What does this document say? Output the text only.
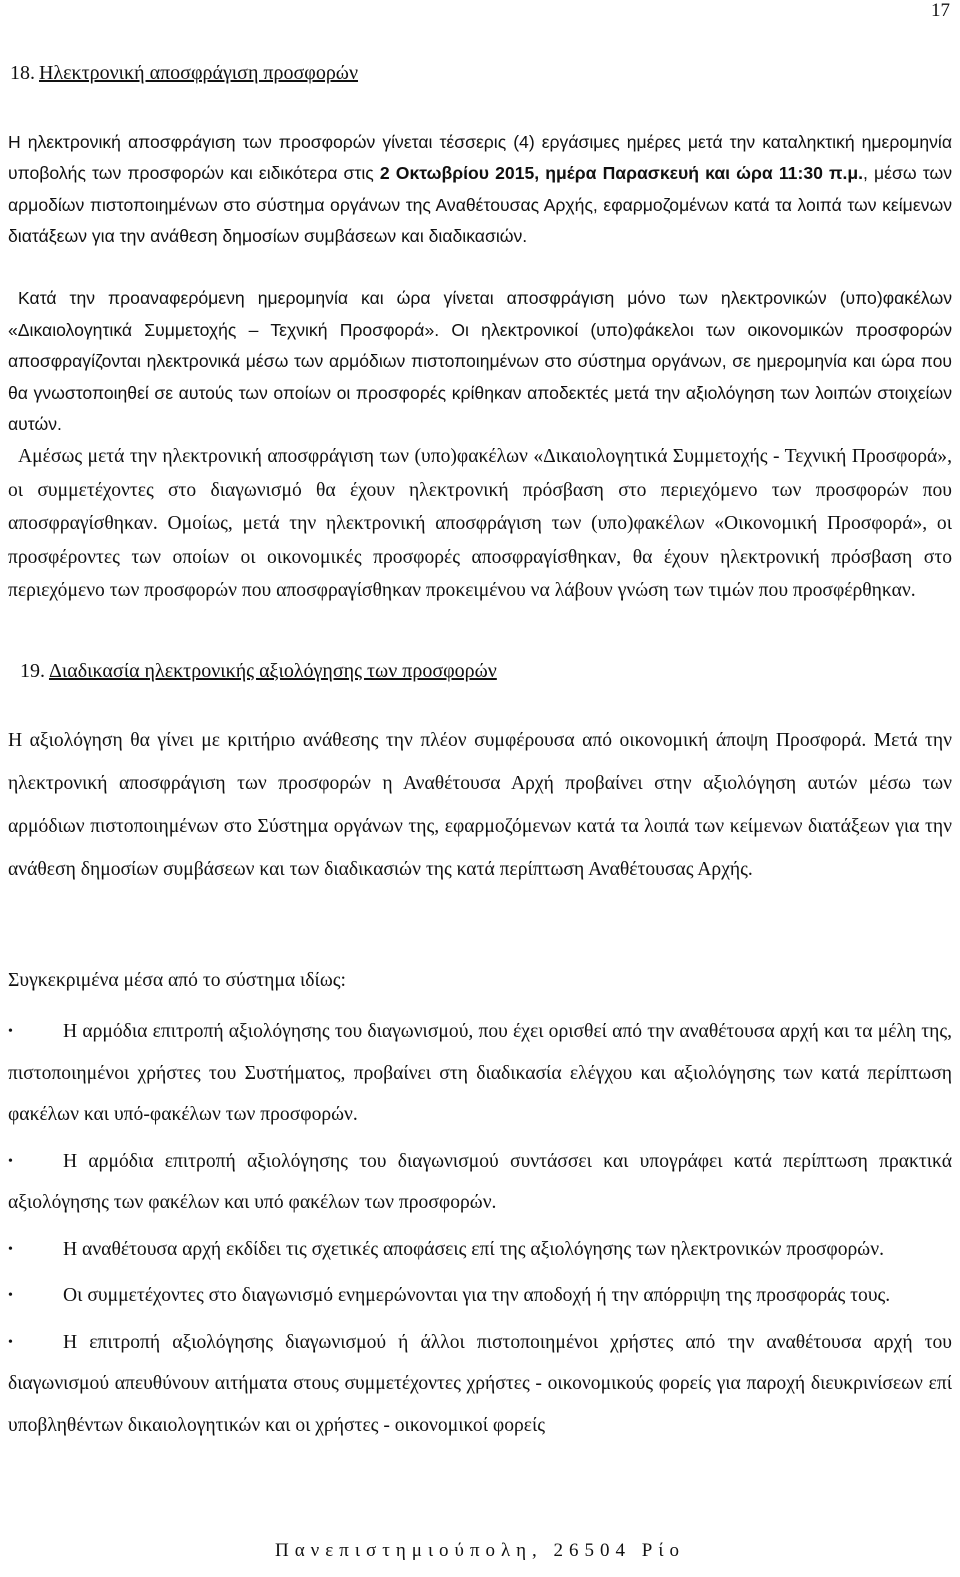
17
18. Ηλεκτρονική αποσφράγιση προσφορών

Η ηλεκτρονική αποσφράγιση των προσφορών γίνεται τέσσερις (4) εργάσιμες ημέρες μετά την καταληκτική ημερομηνία υποβολής των προσφορών και ειδικότερα στις 2 Οκτωβρίου 2015, ημέρα Παρασκευή και ώρα 11:30 π.μ., μέσω των αρμοδίων πιστοποιημένων στο σύστημα οργάνων της Αναθέτουσας Αρχής, εφαρμοζομένων κατά τα λοιπά των κείμενων διατάξεων για την ανάθεση δημοσίων συμβάσεων και διαδικασιών.

Κατά την προαναφερόμενη ημερομηνία και ώρα γίνεται αποσφράγιση μόνο των ηλεκτρονικών (υπο)φακέλων «Δικαιολογητικά Συμμετοχής – Τεχνική Προσφορά». Οι ηλεκτρονικοί (υπο)φάκελοι των οικονομικών προσφορών αποσφραγίζονται ηλεκτρονικά μέσω των αρμόδιων πιστοποιημένων στο σύστημα οργάνων, σε ημερομηνία και ώρα που θα γνωστοποιηθεί σε αυτούς των οποίων οι προσφορές κρίθηκαν αποδεκτές μετά την αξιολόγηση των λοιπών στοιχείων αυτών.

Αμέσως μετά την ηλεκτρονική αποσφράγιση των (υπο)φακέλων «Δικαιολογητικά Συμμετοχής - Τεχνική Προσφορά», οι συμμετέχοντες στο διαγωνισμό θα έχουν ηλεκτρονική πρόσβαση στο περιεχόμενο των προσφορών που αποσφραγίσθηκαν. Ομοίως, μετά την ηλεκτρονική αποσφράγιση των (υπο)φακέλων «Οικονομική Προσφορά», οι προσφέροντες των οποίων οι οικονομικές προσφορές αποσφραγίσθηκαν, θα έχουν ηλεκτρονική πρόσβαση στο περιεχόμενο των προσφορών που αποσφραγίσθηκαν προκειμένου να λάβουν γνώση των τιμών που προσφέρθηκαν.

19. Διαδικασία ηλεκτρονικής αξιολόγησης των προσφορών

Η αξιολόγηση θα γίνει με κριτήριο ανάθεσης την πλέον συμφέρουσα από οικονομική άποψη Προσφορά. Μετά την ηλεκτρονική αποσφράγιση των προσφορών η Αναθέτουσα Αρχή προβαίνει στην αξιολόγηση αυτών μέσω των αρμόδιων πιστοποιημένων στο Σύστημα οργάνων της, εφαρμοζόμενων κατά τα λοιπά των κείμενων διατάξεων για την ανάθεση δημοσίων συμβάσεων και των διαδικασιών της κατά περίπτωση Αναθέτουσας Αρχής.

Συγκεκριμένα μέσα από το σύστημα ιδίως:
•	Η αρμόδια επιτροπή αξιολόγησης του διαγωνισμού, που έχει ορισθεί από την αναθέτουσα αρχή και τα μέλη της, πιστοποιημένοι χρήστες του Συστήματος, προβαίνει στη διαδικασία ελέγχου και αξιολόγησης των κατά περίπτωση φακέλων και υπό-φακέλων των προσφορών.
•	Η αρμόδια επιτροπή αξιολόγησης του διαγωνισμού συντάσσει και υπογράφει κατά περίπτωση πρακτικά αξιολόγησης των φακέλων και υπό φακέλων των προσφορών.
•	Η αναθέτουσα αρχή εκδίδει τις σχετικές αποφάσεις επί της αξιολόγησης των ηλεκτρονικών προσφορών.
•	Οι συμμετέχοντες στο διαγωνισμό ενημερώνονται για την αποδοχή ή την απόρριψη της προσφοράς τους.
•	Η επιτροπή αξιολόγησης διαγωνισμού ή άλλοι πιστοποιημένοι χρήστες από την αναθέτουσα αρχή του διαγωνισμού απευθύνουν αιτήματα στους συμμετέχοντες χρήστες - οικονομικούς φορείς για παροχή διευκρινίσεων επί υποβληθέντων δικαιολογητικών και οι χρήστες - οικονομικοί φορείς
Πανεπιστημιούπολη, 26504 Ρίο
